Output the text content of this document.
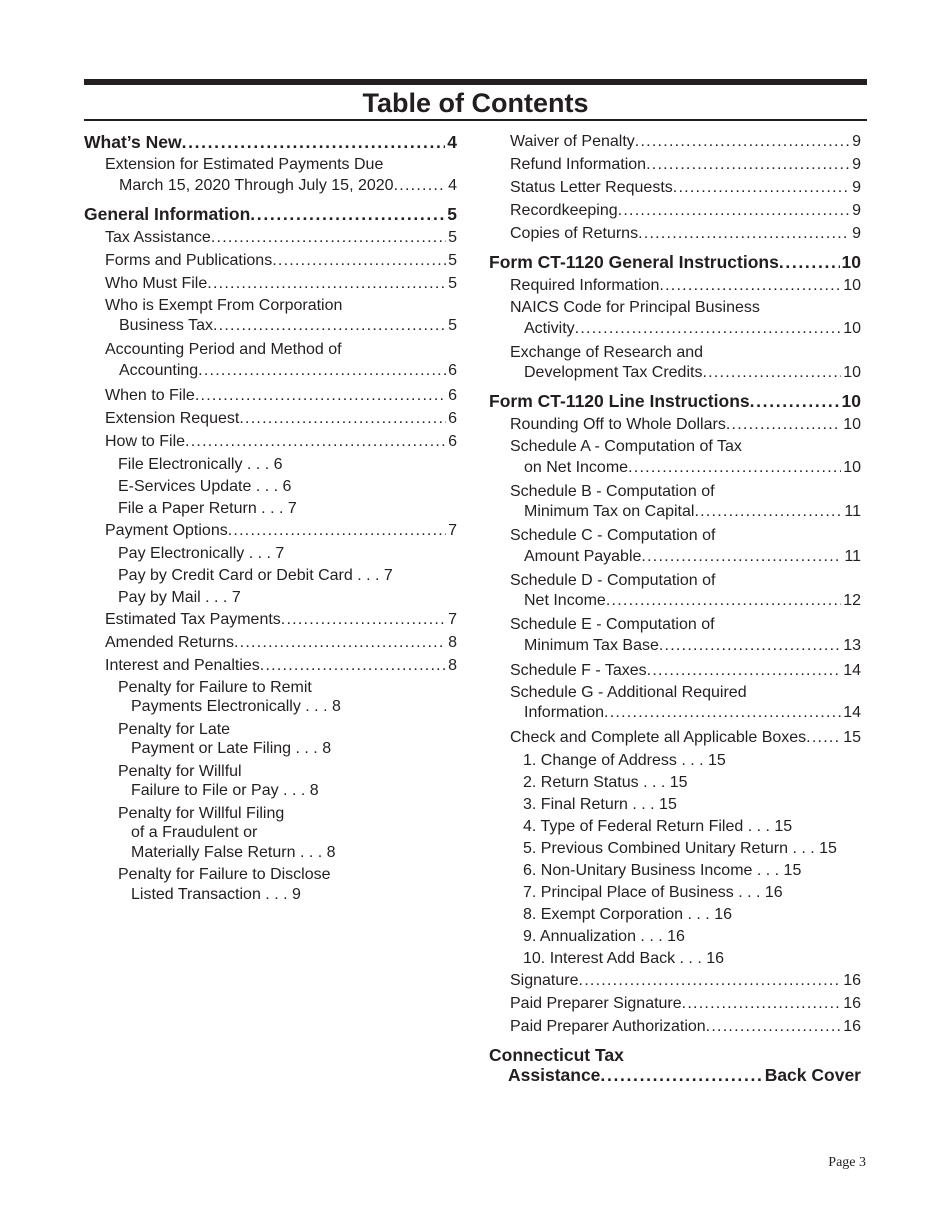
Table of Contents
What’s New . . .	4
Extension for Estimated Payments Due
March 15, 2020 Through July 15, 2020 . . .	4
General Information . . .	5
Tax Assistance . . .	5
Forms and Publications . . .	5
Who Must File . . .	5
Who is Exempt From Corporation
Business Tax . . .	5
Accounting Period and Method of
Accounting . . .	6
When to File . . .	6
Extension Request . . .	6
How to File . . .	6
File Electronically . . . 6
E-Services Update . . . 6
File a Paper Return . . . 7
Payment Options . . .	7
Pay Electronically . . . 7
Pay by Credit Card or Debit Card . . . 7
Pay by Mail . . . 7
Estimated Tax Payments . . .	7
Amended Returns . . .	8
Interest and Penalties . . .	8
Penalty for Failure to Remit
Payments Electronically . . . 8
Penalty for Late
Payment or Late Filing . . . 8
Penalty for Willful
Failure to File or Pay . . . 8
Penalty for Willful Filing
of a Fraudulent or
Materially False Return . . . 8
Penalty for Failure to Disclose
Listed Transaction . . . 9
Waiver of Penalty . . .	9
Refund Information . . .	9
Status Letter Requests . . .	9
Recordkeeping . . .	9
Copies of Returns . . .	9
Form CT-1120 General Instructions . . .	10
Required Information . . .	10
NAICS Code for Principal Business
Activity . . .	10
Exchange of Research and
Development Tax Credits . . .	10
Form CT-1120 Line Instructions . . .	10
Rounding Off to Whole Dollars . . .	10
Schedule A - Computation of Tax
on Net Income . . .	10
Schedule B - Computation of
Minimum Tax on Capital . . .	11
Schedule C - Computation of
Amount Payable . . .	11
Schedule D - Computation of
Net Income . . .	12
Schedule E - Computation of
Minimum Tax Base . . .	13
Schedule F - Taxes . . .	14
Schedule G - Additional Required
Information . . .	14
Check and Complete all Applicable Boxes . . . 15
1. Change of Address . . . 15
2. Return Status . . . 15
3. Final Return . . . 15
4. Type of Federal Return Filed . . . 15
5. Previous Combined Unitary Return . . . 15
6. Non-Unitary Business Income . . . 15
7. Principal Place of Business . . . 16
8. Exempt Corporation . . . 16
9. Annualization . . . 16
10. Interest Add Back . . . 16
Signature . . .	16
Paid Preparer Signature . . .	16
Paid Preparer Authorization . . .	16
Connecticut Tax
Assistance . . .	Back Cover
Page 3
